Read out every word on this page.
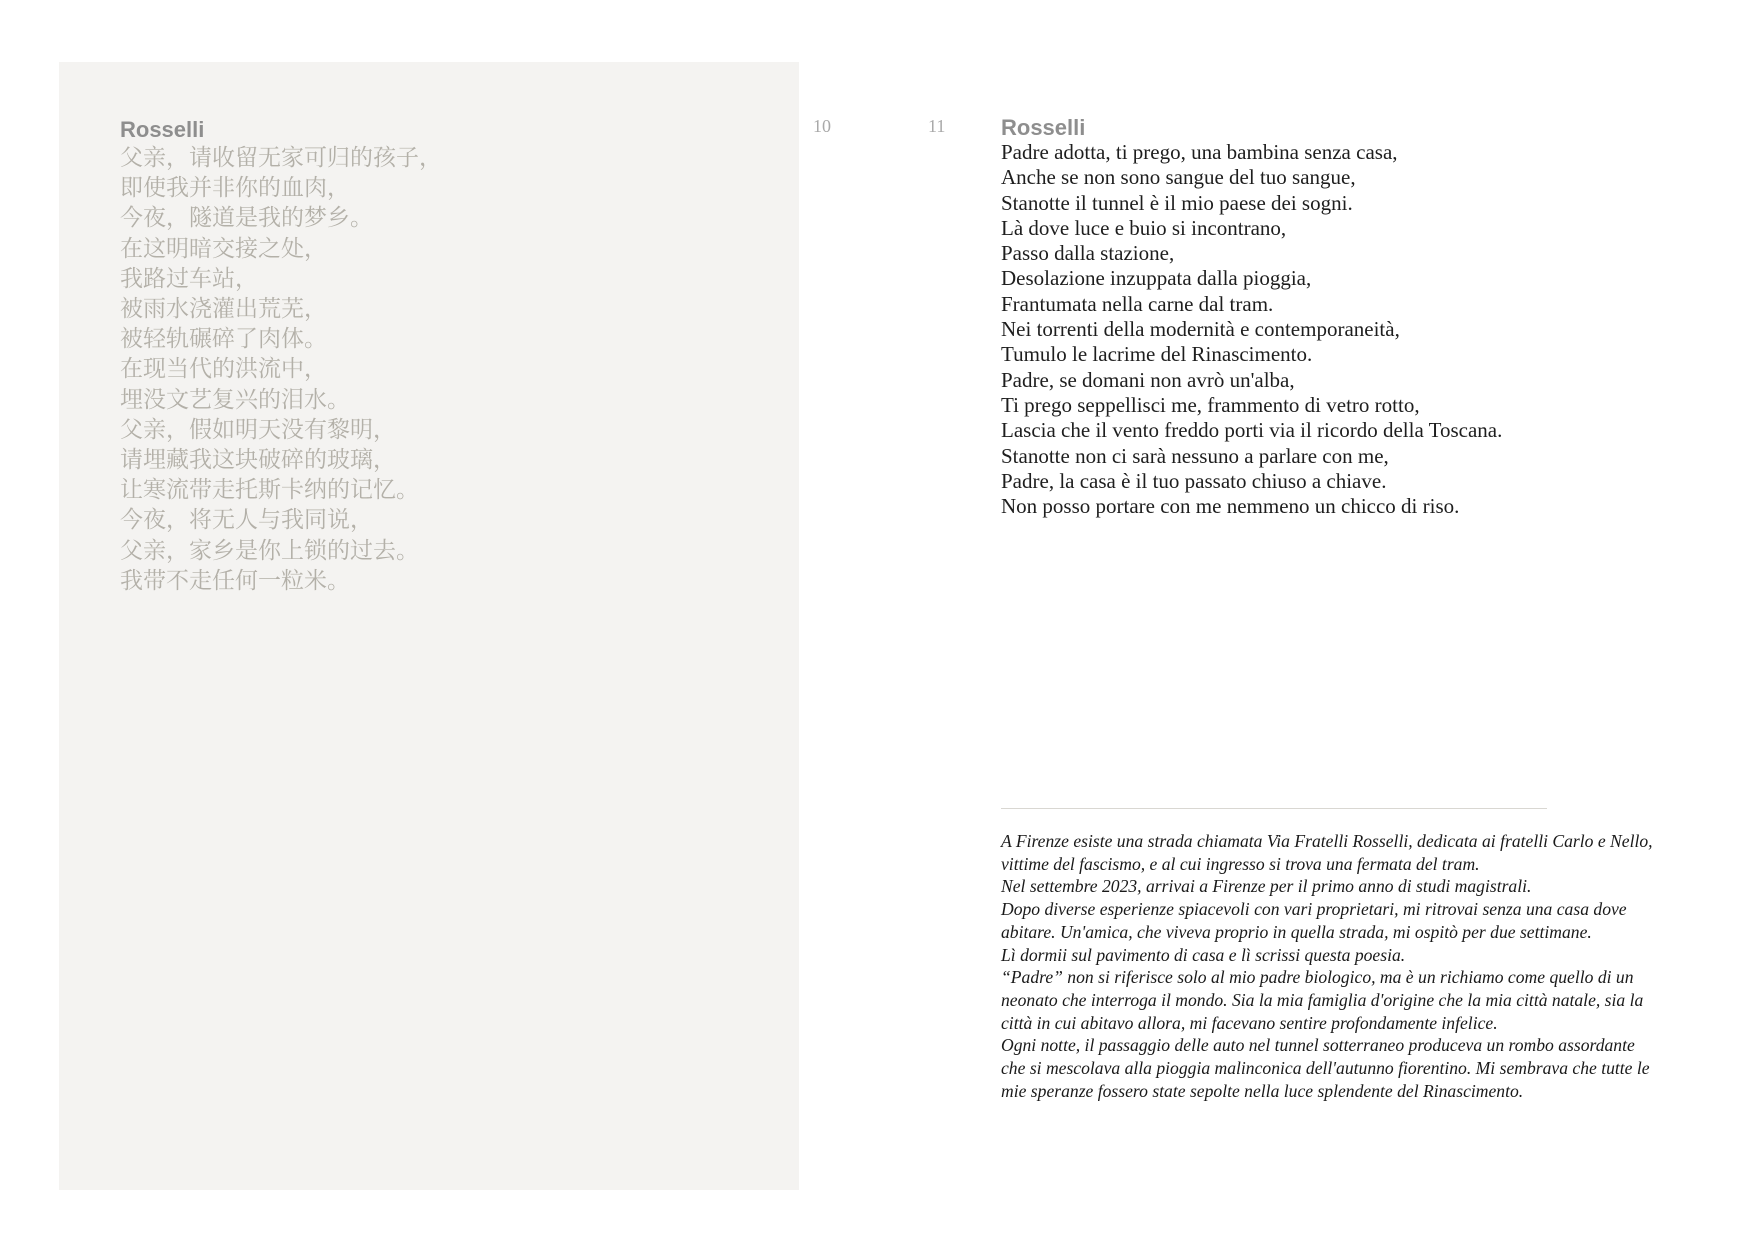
Rosselli
父亲，请收留无家可归的孩子，
即使我并非你的血肉，
今夜，隧道是我的梦乡。
在这明暗交接之处，
我路过车站，
被雨水浇灌出荒芜，
被轻轨碾碎了肉体。
在现当代的洪流中，
埋没文艺复兴的泪水。
父亲，假如明天没有黎明，
请埋藏我这块破碎的玻璃，
让寒流带走托斯卡纳的记忆。
今夜，将无人与我同说，
父亲，家乡是你上锁的过去。
我带不走任何一粒米。
10	11	Rosselli
Padre adotta, ti prego, una bambina senza casa,
Anche se non sono sangue del tuo sangue,
Stanotte il tunnel è il mio paese dei sogni.
Là dove luce e buio si incontrano,
Passo dalla stazione,
Desolazione inzuppata dalla pioggia,
Frantumata nella carne dal tram.
Nei torrenti della modernità e contemporaneità,
Tumulo le lacrime del Rinascimento.
Padre, se domani non avrò un'alba,
Ti prego seppellisci me, frammento di vetro rotto,
Lascia che il vento freddo porti via il ricordo della Toscana.
Stanotte non ci sarà nessuno a parlare con me,
Padre, la casa è il tuo passato chiuso a chiave.
Non posso portare con me nemmeno un chicco di riso.

A Firenze esiste una strada chiamata Via Fratelli Rosselli, dedicata ai fratelli Carlo e Nello, vittime del fascismo, e al cui ingresso si trova una fermata del tram.

Nel settembre 2023, arrivai a Firenze per il primo anno di studi magistrali.

Dopo diverse esperienze spiacevoli con vari proprietari, mi ritrovai senza una casa dove abitare. Un'amica, che viveva proprio in quella strada, mi ospitò per due settimane.

Lì dormii sul pavimento di casa e lì scrissi questa poesia.

“Padre” non si riferisce solo al mio padre biologico, ma è un richiamo come quello di un neonato che interroga il mondo. Sia la mia famiglia d'origine che la mia città natale, sia la città in cui abitavo allora, mi facevano sentire profondamente infelice.

Ogni notte, il passaggio delle auto nel tunnel sotterraneo produceva un rombo assordante che si mescolava alla pioggia malinconica dell'autunno fiorentino. Mi sembrava che tutte le mie speranze fossero state sepolte nella luce splendente del Rinascimento.
